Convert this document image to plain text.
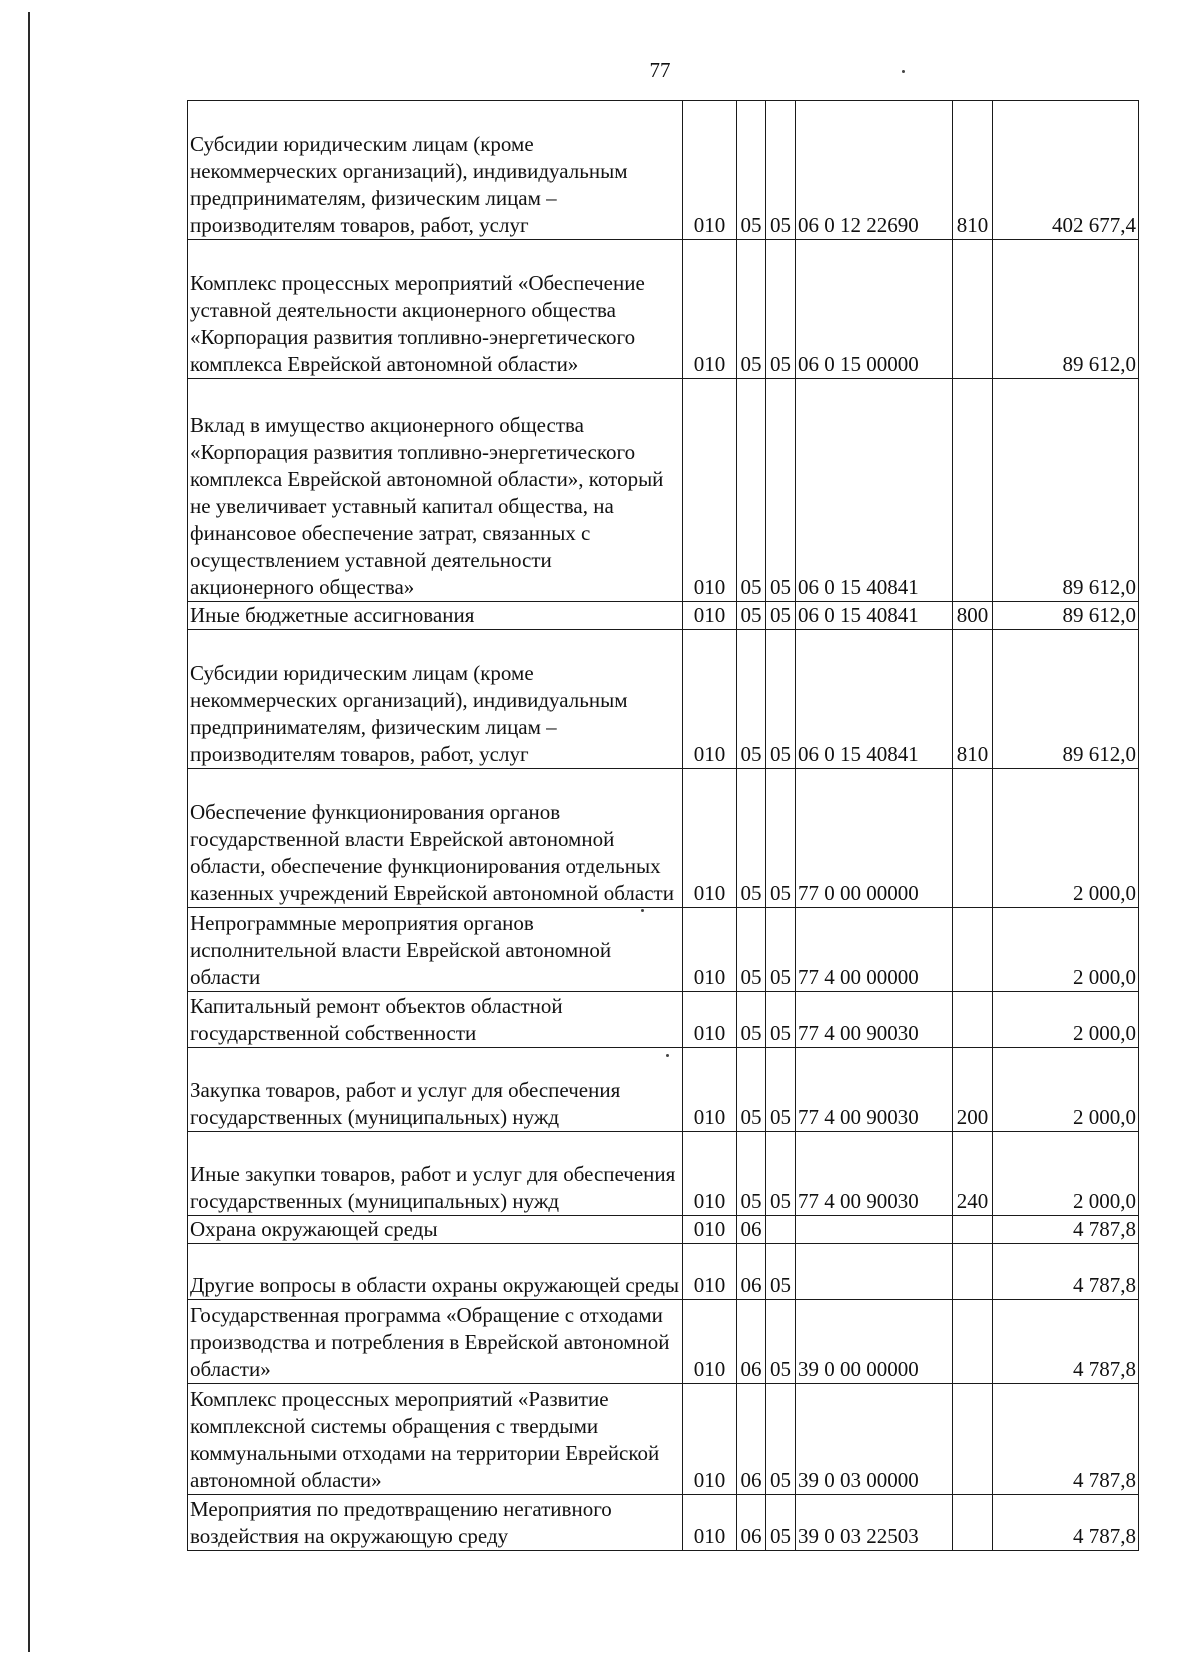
77
Субсидии юридическим лицам (кроме некоммерческих организаций), индивидуальным предпринимателям, физическим лицам – производителям товаров, работ, услуг	010	05	05	06 0 12 22690	810	402 677,4
Комплекс процессных мероприятий «Обеспечение уставной деятельности акционерного общества «Корпорация развития топливно-энергетического комплекса Еврейской автономной области»	010	05	05	06 0 15 00000		89 612,0
Вклад в имущество акционерного общества «Корпорация развития топливно-энергетического комплекса Еврейской автономной области», который не увеличивает уставный капитал общества, на финансовое обеспечение затрат, связанных с осуществлением уставной деятельности акционерного общества»	010	05	05	06 0 15 40841		89 612,0
Иные бюджетные ассигнования	010	05	05	06 0 15 40841	800	89 612,0
Субсидии юридическим лицам (кроме некоммерческих организаций), индивидуальным предпринимателям, физическим лицам – производителям товаров, работ, услуг	010	05	05	06 0 15 40841	810	89 612,0
Обеспечение функционирования органов государственной власти Еврейской автономной области, обеспечение функционирования отдельных казенных учреждений Еврейской автономной области	010	05	05	77 0 00 00000		2 000,0
Непрограммные мероприятия органов исполнительной власти Еврейской автономной области	010	05	05	77 4 00 00000		2 000,0
Капитальный ремонт объектов областной государственной собственности	010	05	05	77 4 00 90030		2 000,0
Закупка товаров, работ и услуг для обеспечения государственных (муниципальных) нужд	010	05	05	77 4 00 90030	200	2 000,0
Иные закупки товаров, работ и услуг для обеспечения государственных (муниципальных) нужд	010	05	05	77 4 00 90030	240	2 000,0
Охрана окружающей среды	010	06				4 787,8
Другие вопросы в области охраны окружающей среды	010	06	05			4 787,8
Государственная программа «Обращение с отходами производства и потребления в Еврейской автономной области»	010	06	05	39 0 00 00000		4 787,8
Комплекс процессных мероприятий «Развитие комплексной системы обращения с твердыми коммунальными отходами на территории Еврейской автономной области»	010	06	05	39 0 03 00000		4 787,8
Мероприятия по предотвращению негативного воздействия на окружающую среду	010	06	05	39 0 03 22503		4 787,8
